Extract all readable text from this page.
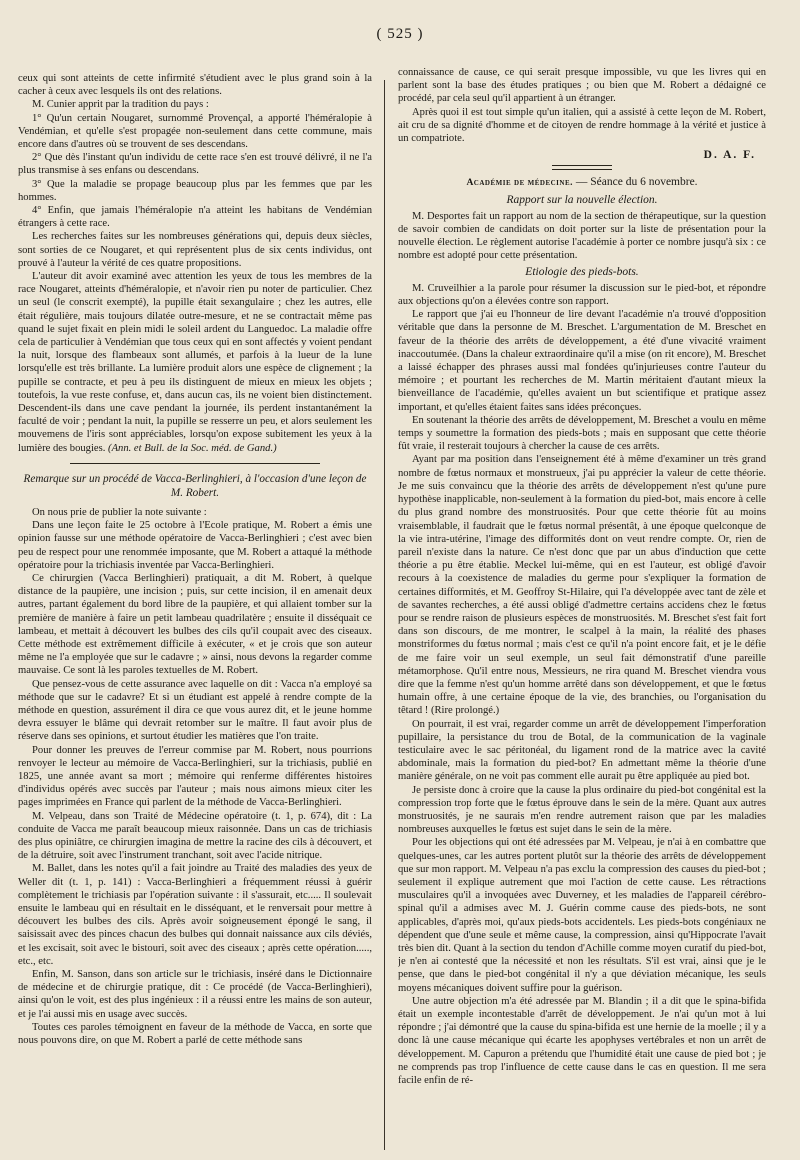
( 525 )

ceux qui sont atteints de cette infirmité s'étudient avec le plus grand soin à la cacher à ceux avec lesquels ils ont des relations.

M. Cunier apprit par la tradition du pays :

1° Qu'un certain Nougaret, surnommé Provençal, a apporté l'héméralopie à Vendémian, et qu'elle s'est propagée non-seulement dans cette commune, mais encore dans d'autres où se trouvent de ses descendans.

2° Que dès l'instant qu'un individu de cette race s'en est trouvé délivré, il ne l'a plus transmise à ses enfans ou descendans.

3° Que la maladie se propage beaucoup plus par les femmes que par les hommes.

4° Enfin, que jamais l'héméralopie n'a atteint les habitans de Vendémian étrangers à cette race.

Les recherches faites sur les nombreuses générations qui, depuis deux siècles, sont sorties de ce Nougaret, et qui représentent plus de six cents individus, ont prouvé à l'auteur la vérité de ces quatre propositions.

L'auteur dit avoir examiné avec attention les yeux de tous les membres de la race Nougaret, atteints d'héméralopie, et n'avoir rien pu noter de particulier. Chez un seul (le conscrit exempté), la pupille était sexangulaire ; chez les autres, elle était régulière, mais toujours dilatée outre-mesure, et ne se contractait même pas quand le sujet fixait en plein midi le soleil ardent du Languedoc. La maladie offre cela de particulier à Vendémian que tous ceux qui en sont affectés y voient pendant la nuit, lorsque des flambeaux sont allumés, et parfois à la lueur de la lune lorsqu'elle est très brillante. La lumière produit alors une espèce de clignement ; la pupille se contracte, et peu à peu ils distinguent de mieux en mieux les objets ; toutefois, la vue reste confuse, et, dans aucun cas, ils ne voient bien distinctement. Descendent-ils dans une cave pendant la journée, ils perdent instantanément la faculté de voir ; pendant la nuit, la pupille se resserre un peu, et alors seulement les mouvemens de l'iris sont appréciables, lorsqu'on expose subitement les yeux à la lumière des bougies. (Ann. et Bull. de la Soc. méd. de Gand.)

Remarque sur un procédé de Vacca-Berlinghieri, à l'occasion d'une leçon de M. Robert.

On nous prie de publier la note suivante :

Dans une leçon faite le 25 octobre à l'Ecole pratique, M. Robert a émis une opinion fausse sur une méthode opératoire de Vacca-Berlinghieri ; c'est avec bien peu de respect pour une renommée imposante, que M. Robert a attaqué la méthode opératoire pour la trichiasis inventée par Vacca-Berlinghieri.

Ce chirurgien (Vacca Berlinghieri) pratiquait, a dit M. Robert, à quelque distance de la paupière, une incision ; puis, sur cette incision, il en amenait deux autres, partant également du bord libre de la paupière, et qui allaient tomber sur la première de manière à faire un petit lambeau quadrilatère ; ensuite il disséquait ce lambeau, et mettait à découvert les bulbes des cils qu'il coupait avec des ciseaux. Cette méthode est extrêmement difficile à exécuter, « et je crois que son auteur même ne l'a employée que sur le cadavre ; » ainsi, nous devons la regarder comme mauvaise. Ce sont là les paroles textuelles de M. Robert.

Que pensez-vous de cette assurance avec laquelle on dit : Vacca n'a employé sa méthode que sur le cadavre? Et si un étudiant est appelé à rendre compte de la méthode en question, assurément il dira ce que vous aurez dit, et le jeune homme devra essuyer le blâme qui devrait retomber sur le maître. Il faut avoir plus de réserve dans ses opinions, et surtout étudier les matières que l'on traite.

Pour donner les preuves de l'erreur commise par M. Robert, nous pourrions renvoyer le lecteur au mémoire de Vacca-Berlinghieri, sur la trichiasis, publié en 1825, une année avant sa mort ; mémoire qui renferme différentes histoires d'individus opérés avec succès par l'auteur ; mais nous aimons mieux citer les pages imprimées en France qui parlent de la méthode de Vacca-Berlinghieri.

M. Velpeau, dans son Traité de Médecine opératoire (t. 1, p. 674), dit : La conduite de Vacca me paraît beaucoup mieux raisonnée. Dans un cas de trichiasis des plus opiniâtre, ce chirurgien imagina de mettre la racine des cils à découvert, et de la détruire, soit avec l'instrument tranchant, soit avec l'acide nitrique.

M. Ballet, dans les notes qu'il a fait joindre au Traité des maladies des yeux de Weller dit (t. 1, p. 141) : Vacca-Berlinghieri a fréquemment réussi à guérir complètement le trichiasis par l'opération suivante : il s'assurait, etc..... Il soulevait ensuite le lambeau qui en résultait en le disséquant, et le renversait pour mettre à découvert les bulbes des cils. Après avoir soigneusement épongé le sang, il saisissait avec des pinces chacun des bulbes qui donnait naissance aux cils déviés, et les excisait, soit avec le bistouri, soit avec des ciseaux ; après cette opération....., etc., etc.

Enfin, M. Sanson, dans son article sur le trichiasis, inséré dans le Dictionnaire de médecine et de chirurgie pratique, dit : Ce procédé (de Vacca-Berlinghieri), ainsi qu'on le voit, est des plus ingénieux : il a réussi entre les mains de son auteur, et je l'ai aussi mis en usage avec succès.

Toutes ces paroles témoignent en faveur de la méthode de Vacca, en sorte que nous pouvons dire, on que M. Robert a parlé de cette méthode sans

connaissance de cause, ce qui serait presque impossible, vu que les livres qui en parlent sont la base des études pratiques ; ou bien que M. Robert a dédaigné ce procédé, par cela seul qu'il appartient à un étranger.

Après quoi il est tout simple qu'un italien, qui a assisté à cette leçon de M. Robert, ait cru de sa dignité d'homme et de citoyen de rendre hommage à la vérité et justice à un compatriote.

D. A. F.
Académie de médecine. — Séance du 6 novembre.
Rapport sur la nouvelle élection.

M. Desportes fait un rapport au nom de la section de thérapeutique, sur la question de savoir combien de candidats on doit porter sur la liste de présentation pour la nouvelle élection. Le règlement autorise l'académie à porter ce nombre jusqu'à six : ce nombre est adopté pour cette présentation.

Etiologie des pieds-bots.

M. Cruveilhier a la parole pour résumer la discussion sur le pied-bot, et répondre aux objections qu'on a élevées contre son rapport.

Le rapport que j'ai eu l'honneur de lire devant l'académie n'a trouvé d'opposition véritable que dans la personne de M. Breschet. L'argumentation de M. Breschet en faveur de la théorie des arrêts de développement, a été d'une vivacité vraiment inaccoutumée. (Dans la chaleur extraordinaire qu'il a mise (on rit encore), M. Breschet a laissé échapper des phrases aussi mal fondées qu'injurieuses contre l'auteur du mémoire ; et pourtant les recherches de M. Martin méritaient d'autant mieux la bienveillance de l'académie, qu'elles avaient un but scientifique et pratique assez important, et qu'elles étaient faites sans idées préconçues.

En soutenant la théorie des arrêts de développement, M. Breschet a voulu en même temps y soumettre la formation des pieds-bots ; mais en supposant que cette théorie fût vraie, il resterait toujours à chercher la cause de ces arrêts.

Ayant par ma position dans l'enseignement été à même d'examiner un très grand nombre de fœtus normaux et monstrueux, j'ai pu apprécier la valeur de cette théorie. Je me suis convaincu que la théorie des arrêts de développement n'est qu'une pure hypothèse inapplicable, non-seulement à la formation du pied-bot, mais encore à celle du plus grand nombre des monstruosités. Pour que cette théorie fût au moins vraisemblable, il faudrait que le fœtus normal présentât, à une époque quelconque de la vie intra-utérine, l'image des difformités dont on veut rendre compte. Or, rien de pareil n'existe dans la nature. Ce n'est donc que par un abus d'induction que cette théorie a pu être établie. Meckel lui-même, qui en est l'auteur, est obligé d'avoir recours à la coexistence de maladies du germe pour s'expliquer la formation de certaines difformités, et M. Geoffroy St-Hilaire, qui l'a développée avec tant de zèle et de savantes recherches, a été aussi obligé d'admettre certains accidens chez le fœtus pour se rendre raison de plusieurs espèces de monstruosités. M. Breschet s'est fait fort dans son discours, de me montrer, le scalpel à la main, la réalité des phases monstriformes du fœtus normal ; mais c'est ce qu'il n'a point encore fait, et je le défie de me faire voir un seul exemple, un seul fait démonstratif d'une pareille métamorphose. Qu'il entre nous, Messieurs, ne rira quand M. Breschet viendra vous dire que la femme n'est qu'un homme arrêté dans son développement, et que le fœtus humain offre, à une certaine époque de la vie, des branchies, ou l'organisation du têtard ! (Rire prolongé.)

On pourrait, il est vrai, regarder comme un arrêt de développement l'imperforation pupillaire, la persistance du trou de Botal, de la communication de la vaginale testiculaire avec le sac péritonéal, du ligament rond de la matrice avec la cavité abdominale, mais la formation du pied-bot? En admettant même la théorie d'une manière générale, on ne voit pas comment elle aurait pu être appliquée au pied bot.

Je persiste donc à croire que la cause la plus ordinaire du pied-bot congénital est la compression trop forte que le fœtus éprouve dans le sein de la mère. Quant aux autres monstruosités, je ne saurais m'en rendre autrement raison que par les maladies nombreuses auxquelles le fœtus est sujet dans le sein de la mère.

Pour les objections qui ont été adressées par M. Velpeau, je n'ai à en combattre que quelques-unes, car les autres portent plutôt sur la théorie des arrêts de développement que sur mon rapport. M. Velpeau n'a pas exclu la compression des causes du pied-bot ; seulement il explique autrement que moi l'action de cette cause. Les rétractions musculaires qu'il a invoquées avec Duverney, et les maladies de l'appareil cérébro-spinal qu'il a admises avec M. J. Guérin comme cause des pieds-bots, ne sont applicables, d'après moi, qu'aux pieds-bots accidentels. Les pieds-bots congéniaux ne dépendent que d'une seule et même cause, la compression, ainsi qu'Hippocrate l'avait très bien dit. Quant à la section du tendon d'Achille comme moyen curatif du pied-bot, je n'en ai contesté que la nécessité et non les résultats. S'il est vrai, ainsi que je le pense, que dans le pied-bot congénital il n'y a que déviation mécanique, les seuls moyens mécaniques doivent suffire pour la guérison.

Une autre objection m'a été adressée par M. Blandin ; il a dit que le spina-bifida était un exemple incontestable d'arrêt de développement. Je n'ai qu'un mot à lui répondre ; j'ai démontré que la cause du spina-bifida est une hernie de la moelle ; il y a donc là une cause mécanique qui écarte les apophyses vertébrales et non un arrêt de développement. M. Capuron a prétendu que l'humidité était une cause de pied bot ; je ne comprends pas trop l'influence de cette cause dans le cas en question. Il me sera facile enfin de ré-
